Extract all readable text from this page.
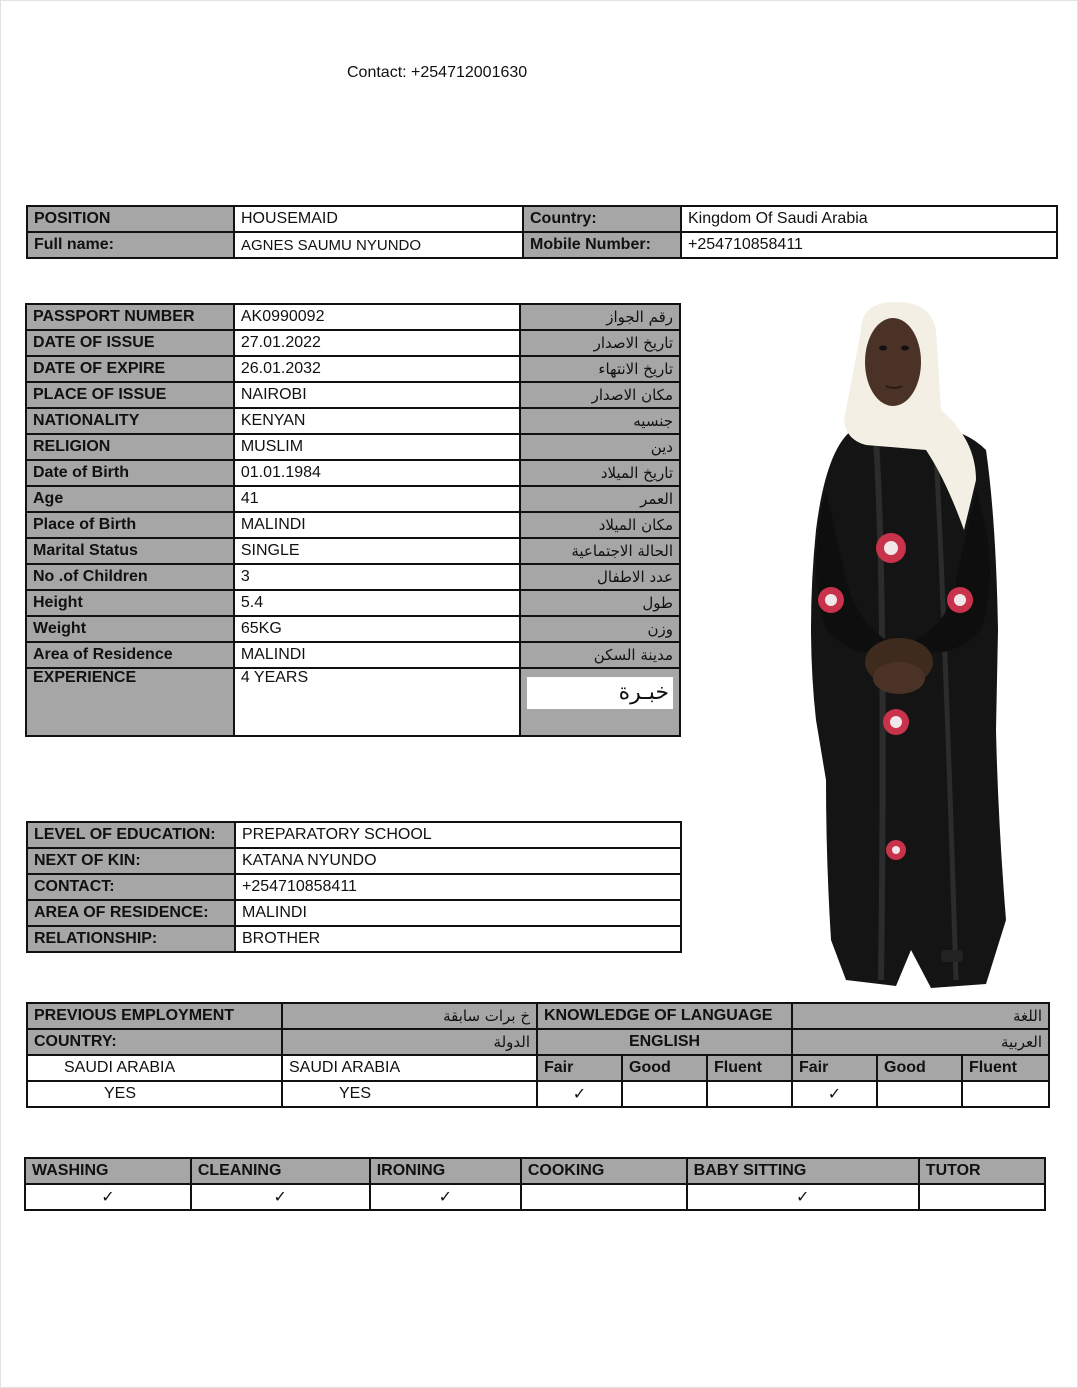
Contact: +254712001630
POSITION	HOUSEMAID	Country:	Kingdom Of Saudi Arabia
Full name:	AGNES SAUMU NYUNDO	Mobile Number:	+254710858411
PASSPORT NUMBER	AK0990092	رقم الجواز
DATE OF ISSUE	27.01.2022	تاريخ الاصدار
DATE OF EXPIRE	26.01.2032	تاريخ الانتهاء
PLACE OF ISSUE	NAIROBI	مكان الاصدار
NATIONALITY	KENYAN	جنسيه
RELIGION	MUSLIM	دين
Date of Birth	01.01.1984	تاريخ الميلاد
Age	41	العمر
Place of Birth	MALINDI	مكان الميلاد
Marital Status	SINGLE	الحالة الاجتماعية
No .of Children	3	عدد الاطفال
Height	5.4	طول
Weight	65KG	وزن
Area of Residence	MALINDI	مدينة السكن
EXPERIENCE	4 YEARS	خبـرة
LEVEL OF EDUCATION:	PREPARATORY SCHOOL
NEXT OF KIN:	KATANA NYUNDO
CONTACT:	+254710858411
AREA OF RESIDENCE:	MALINDI
RELATIONSHIP:	BROTHER
PREVIOUS EMPLOYMENT	خ برات سابقة	KNOWLEDGE OF LANGUAGE			اللغة		
COUNTRY:	الدولة	ENGLISH			العربية		
SAUDI ARABIA	SAUDI ARABIA	Fair	Good	Fluent	Fair	Good	Fluent
YES	YES	✓			✓		
WASHING	CLEANING	IRONING	COOKING	BABY SITTING	TUTOR
✓	✓	✓		✓	
